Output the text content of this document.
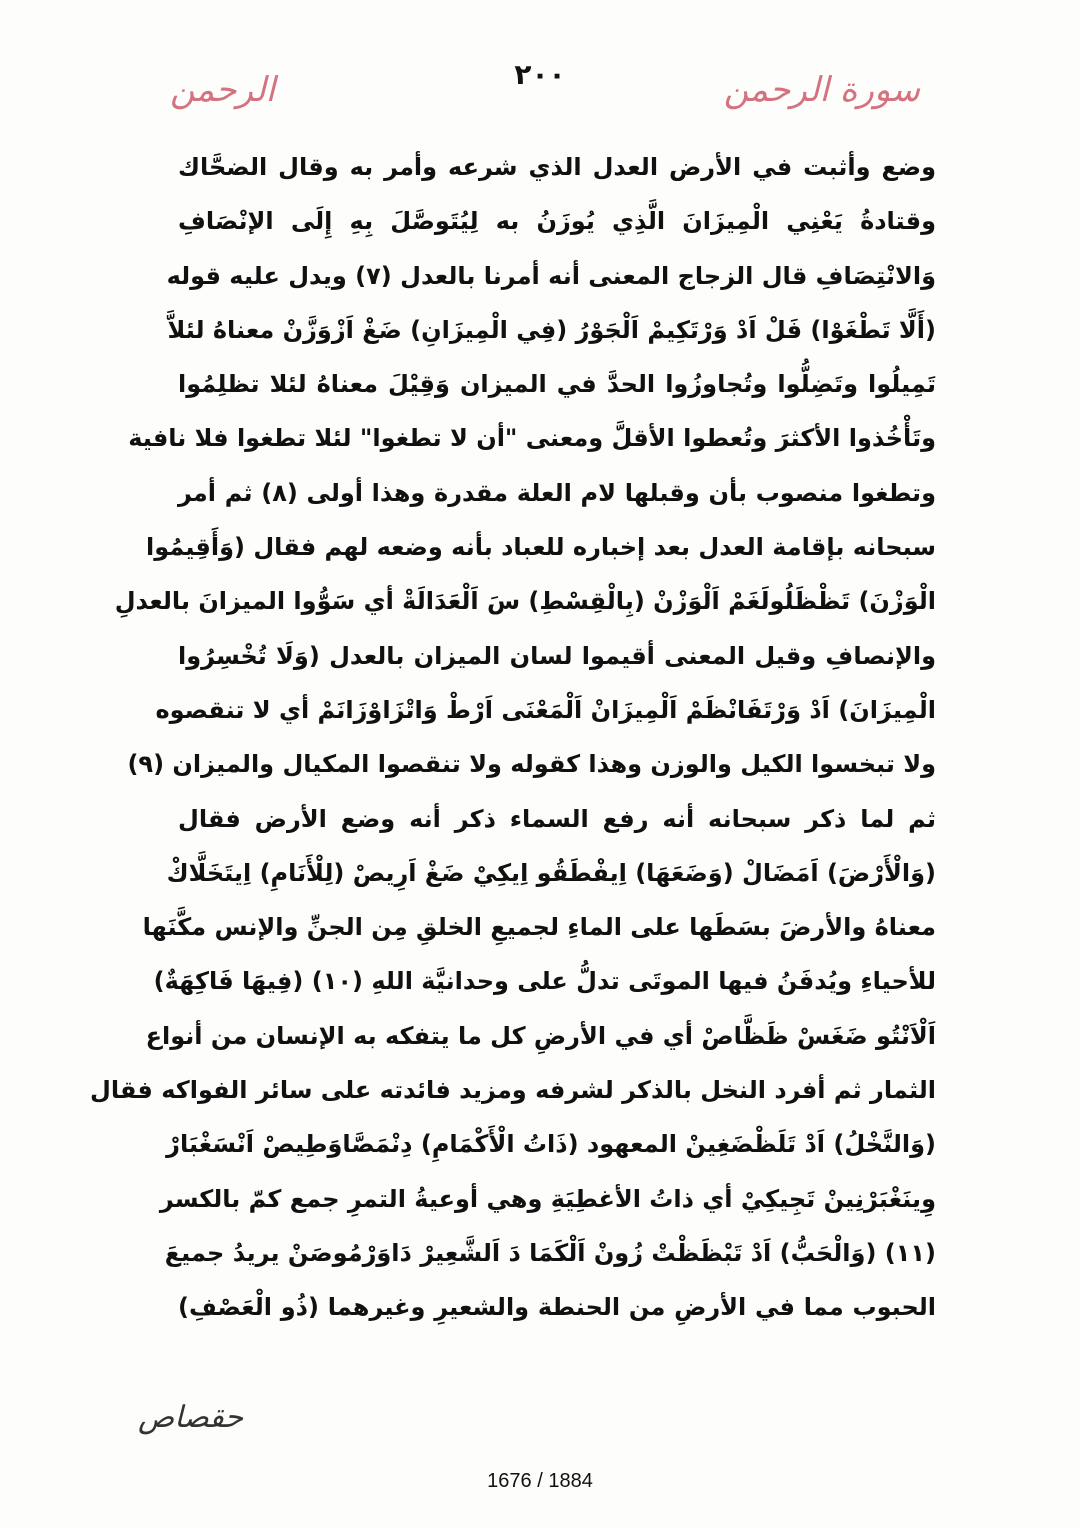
الرحمن	٢٠٠	سورة الرحمن
وضع وأثبت في الأرض العدل الذي شرعه وأمر به وقال الضحَّاك
وقتادةُ يَعْنِي الْمِيزَانَ الَّذِي يُوزَنُ به لِيُتَوصَّلَ بِهِ إِلَى الإنْصَافِ
وَالانْتِصَافِ قال الزجاج المعنى أنه أمرنا بالعدل (٧) ويدل عليه قوله
(أَلَّا تَطْغَوْا) فَلْ اَدْ وَرْتَكِيمْ اَلْجَوْرُ (فِي الْمِيزَانِ) ضَغْ اَزْوَزَّنْ معناهُ لئلاَّ
تَمِيلُوا وتَضِلُّوا وتُجاوزُوا الحدَّ في الميزان وَقِيْلَ معناهُ لئلا تظلِمُوا
وتَأْخُذوا الأكثرَ وتُعطوا الأقلَّ ومعنى "أن لا تطغوا" لئلا تطغوا فلا نافية
وتطغوا منصوب بأن وقبلها لام العلة مقدرة وهذا أولى (٨) ثم أمر
سبحانه بإقامة العدل بعد إخباره للعباد بأنه وضعه لهم فقال (وَأَقِيمُوا
الْوَزْنَ) تَظْظَلُولَغَمْ اَلْوَزْنْ (بِالْقِسْطِ) سَ اَلْعَدَالَةْ أي سَوُّوا الميزانَ بالعدلِ
والإنصافِ وقيل المعنى أقيموا لسان الميزان بالعدل (وَلَا تُخْسِرُوا
الْمِيزَانَ) اَدْ وَرْتَفَانْظَمْ اَلْمِيزَانْ اَلْمَعْنَى اَرْطْ وَاتْزَاوْزَانَمْ أي لا تنقصوه
ولا تبخسوا الكيل والوزن وهذا كقوله ولا تنقصوا المكيال والميزان (٩)
ثم لما ذكر سبحانه أنه رفع السماء ذكر أنه وضع الأرض فقال
(وَالْأَرْضَ) اَمَضَالْ (وَضَعَهَا) اِيفْطَقُو اِيكِيْ ضَغْ اَرِيصْ (لِلْأَنَامِ) اِيتَخَلَّاكْ
معناهُ والأرضَ بسَطَها على الماءِ لجميعِ الخلقِ مِن الجنِّ والإنس مكَّنَها
للأحياءِ ويُدفَنُ فيها الموتَى تدلُّ على وحدانيَّة اللهِ (١٠) (فِيهَا فَاكِهَةٌ)
اَلْاَنْتُو ضَغَسْ ظَظَّاصْ أي في الأرضِ كل ما يتفكه به الإنسان من أنواع
الثمار ثم أفرد النخل بالذكر لشرفه ومزيد فائدته على سائر الفواكه فقال
(وَالنَّخْلُ) اَدْ تَلَظْضَغِينْ المعهود (ذَاتُ الْأَكْمَامِ) دِنْمَصَّاوَطِيصْ اَنْسَغْبَارْ
وِينَغْبَرْنِينْ تَجِيكِيْ أي ذاتُ الأغطِيَةِ وهي أوعيةُ التمرِ جمع كمّ بالكسر
(١١) (وَالْحَبُّ) اَدْ تَبْظَظْتْ زُونْ اَلْكَمَا دَ اَلشَّعِيرْ دَاوَرْمُوصَنْ يريدُ جميعَ
الحبوب مما في الأرضِ من الحنطة والشعيرِ وغيرهما (ذُو الْعَصْفِ)
حقصاص
1676 / 1884
